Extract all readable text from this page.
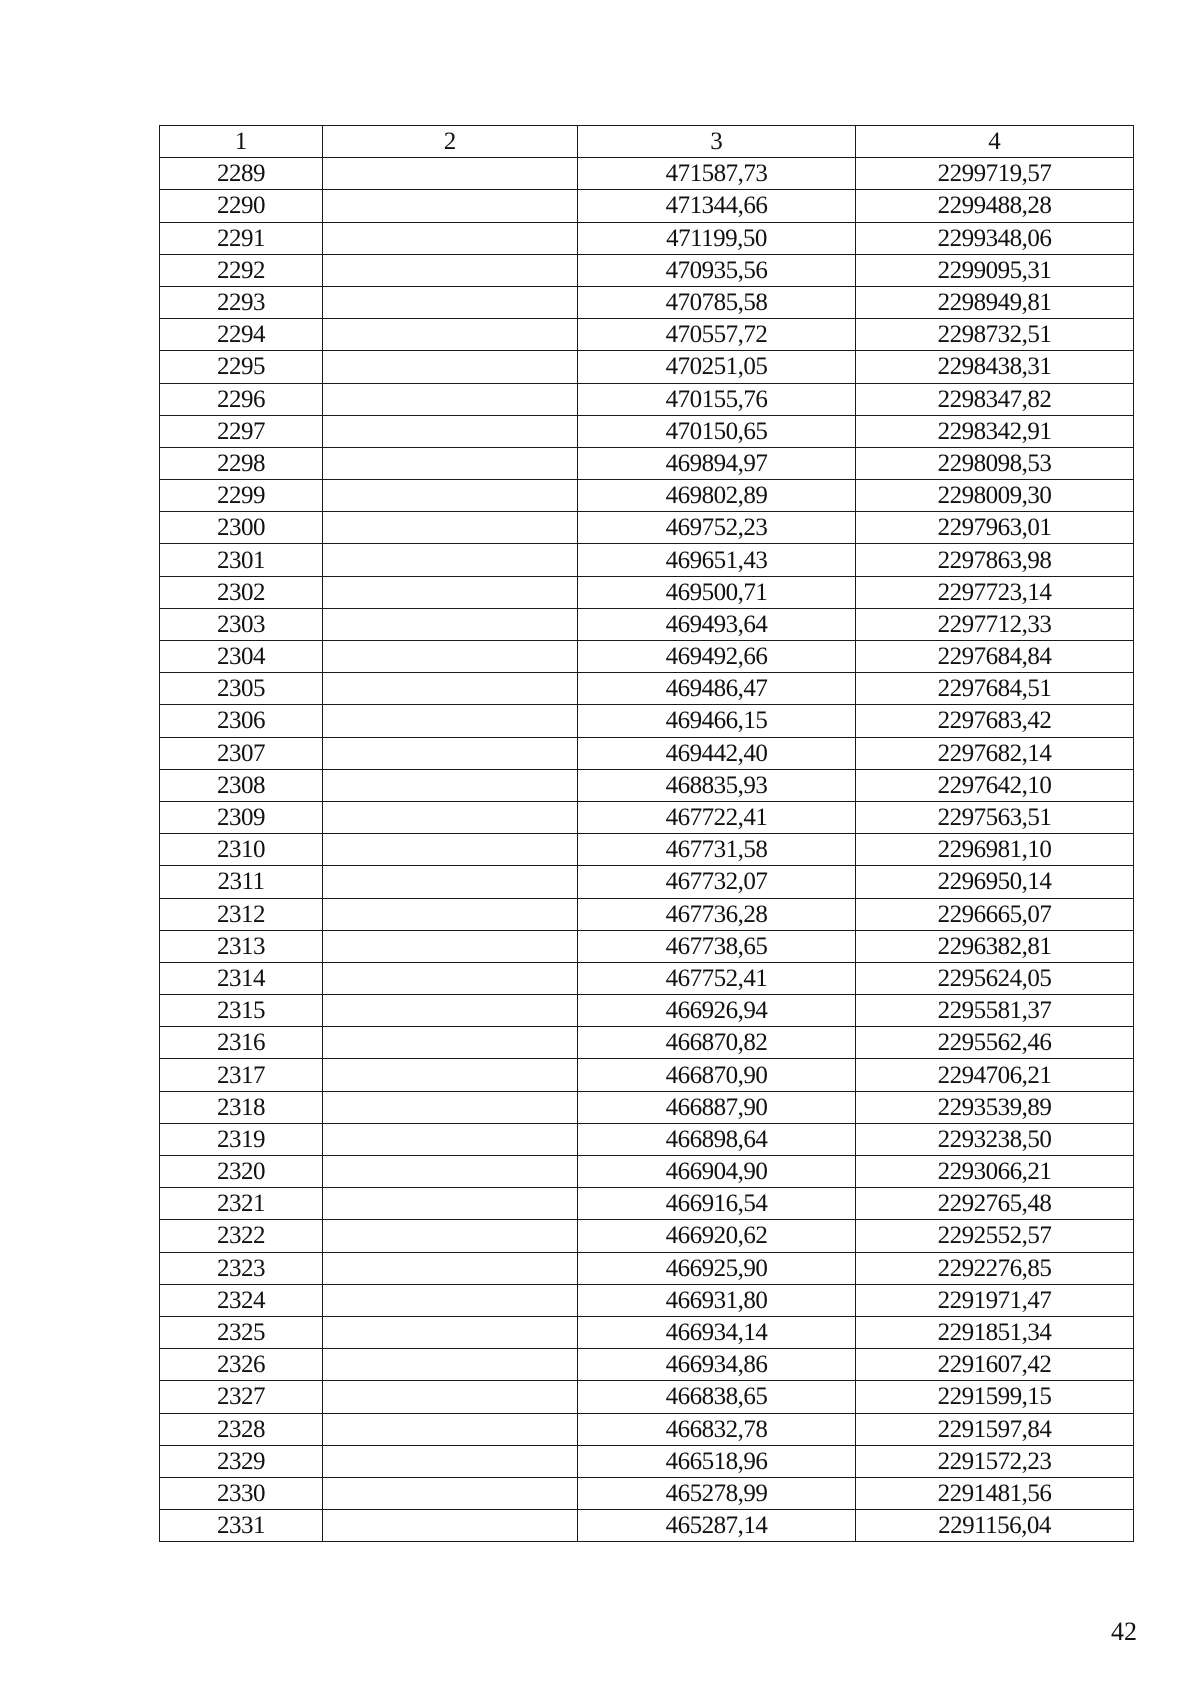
1	2	3	4
2289		471587,73	2299719,57
2290		471344,66	2299488,28
2291		471199,50	2299348,06
2292		470935,56	2299095,31
2293		470785,58	2298949,81
2294		470557,72	2298732,51
2295		470251,05	2298438,31
2296		470155,76	2298347,82
2297		470150,65	2298342,91
2298		469894,97	2298098,53
2299		469802,89	2298009,30
2300		469752,23	2297963,01
2301		469651,43	2297863,98
2302		469500,71	2297723,14
2303		469493,64	2297712,33
2304		469492,66	2297684,84
2305		469486,47	2297684,51
2306		469466,15	2297683,42
2307		469442,40	2297682,14
2308		468835,93	2297642,10
2309		467722,41	2297563,51
2310		467731,58	2296981,10
2311		467732,07	2296950,14
2312		467736,28	2296665,07
2313		467738,65	2296382,81
2314		467752,41	2295624,05
2315		466926,94	2295581,37
2316		466870,82	2295562,46
2317		466870,90	2294706,21
2318		466887,90	2293539,89
2319		466898,64	2293238,50
2320		466904,90	2293066,21
2321		466916,54	2292765,48
2322		466920,62	2292552,57
2323		466925,90	2292276,85
2324		466931,80	2291971,47
2325		466934,14	2291851,34
2326		466934,86	2291607,42
2327		466838,65	2291599,15
2328		466832,78	2291597,84
2329		466518,96	2291572,23
2330		465278,99	2291481,56
2331		465287,14	2291156,04
42
